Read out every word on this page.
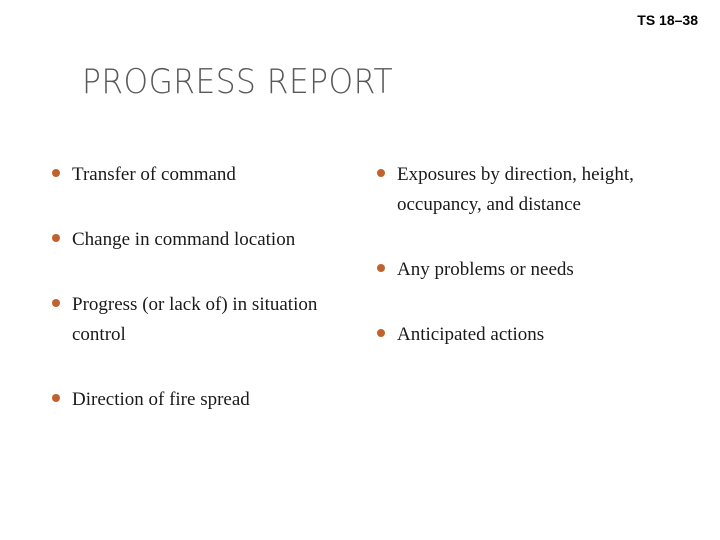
TS 18–38
PROGRESS REPORT
Transfer of command
Change in command location
Progress (or lack of) in situation control
Direction of fire spread
Exposures by direction, height, occupancy, and distance
Any problems or needs
Anticipated actions
